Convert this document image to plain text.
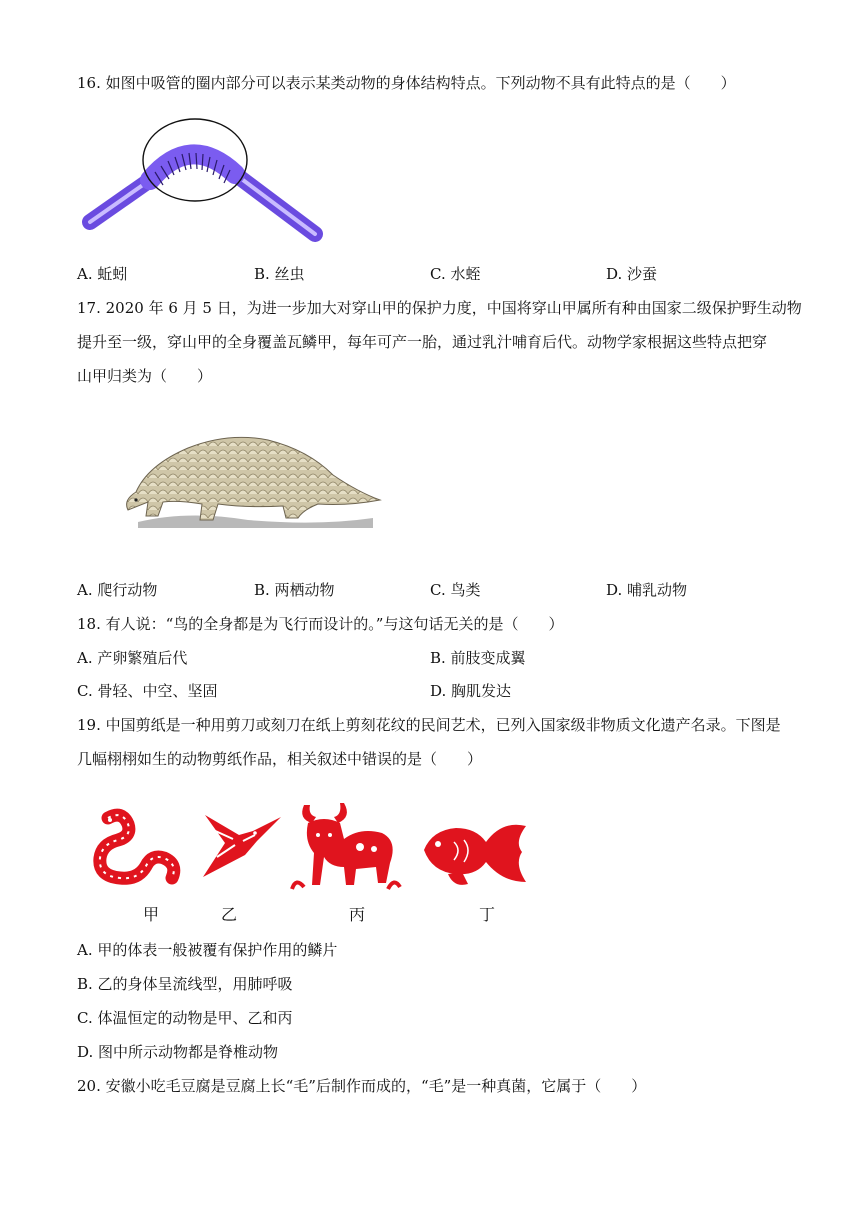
16. 如图中吸管的圈内部分可以表示某类动物的身体结构特点。下列动物不具有此特点的是（　　）
A. 蚯蚓	B. 丝虫	C. 水蛭	D. 沙蚕
17. 2020 年 6 月 5 日，为进一步加大对穿山甲的保护力度，中国将穿山甲属所有种由国家二级保护野生动物
提升至一级，穿山甲的全身覆盖瓦鳞甲，每年可产一胎，通过乳汁哺育后代。动物学家根据这些特点把穿
山甲归类为（　　）
A. 爬行动物	B. 两栖动物	C. 鸟类	D. 哺乳动物
18. 有人说：“鸟的全身都是为飞行而设计的。”与这句话无关的是（　　）
A. 产卵繁殖后代	B. 前肢变成翼
C. 骨轻、中空、坚固	D. 胸肌发达
19. 中国剪纸是一种用剪刀或刻刀在纸上剪刻花纹的民间艺术，已列入国家级非物质文化遗产名录。下图是
几幅栩栩如生的动物剪纸作品，相关叙述中错误的是（　　）
甲	乙	丙	丁
A. 甲的体表一般被覆有保护作用的鳞片
B. 乙的身体呈流线型，用肺呼吸
C. 体温恒定的动物是甲、乙和丙
D. 图中所示动物都是脊椎动物
20. 安徽小吃毛豆腐是豆腐上长“毛”后制作而成的，“毛”是一种真菌，它属于（　　）
